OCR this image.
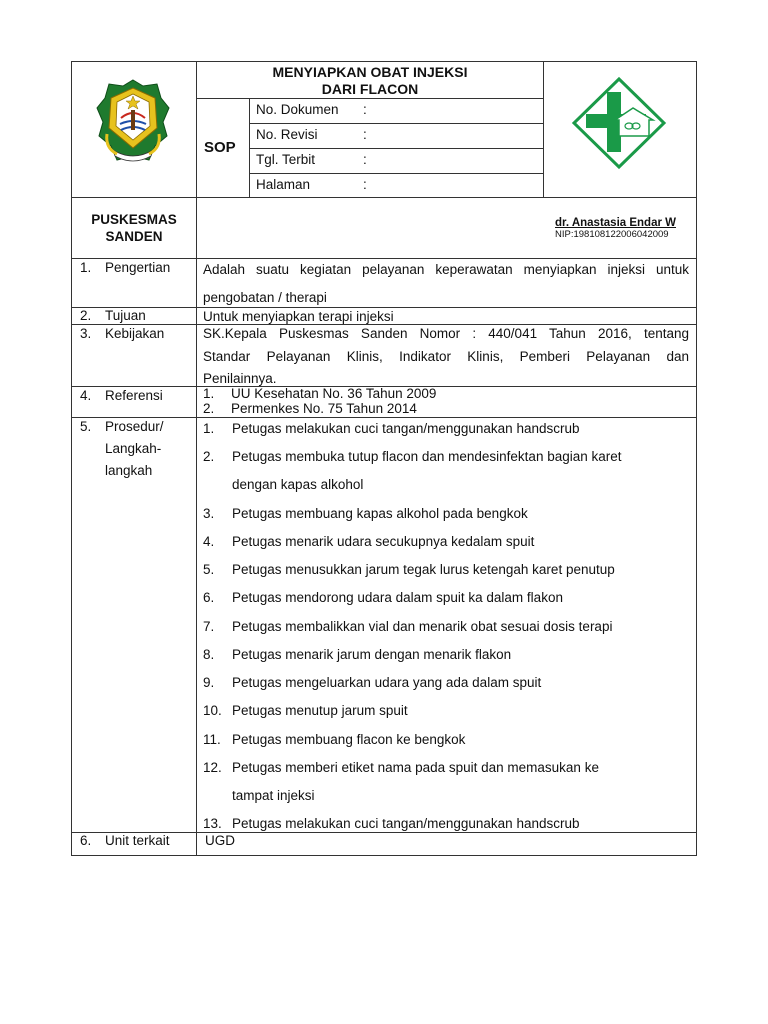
MENYIAPKAN OBAT INJEKSI
DARI FLACON
SOP
No. Dokumen :
No. Revisi	:
Tgl. Terbit	:
Halaman	:
PUSKESMAS
SANDEN
dr. Anastasia Endar W
NIP:198108122006042009
1. Pengertian Adalah suatu kegiatan pelayanan keperawatan menyiapkan injeksi untuk
pengobatan / therapi
2. Tujuan	Untuk menyiapkan terapi injeksi
3. Kebijakan	SK.Kepala Puskesmas Sanden Nomor : 440/041 Tahun 2016, tentang
Standar Pelayanan Klinis, Indikator Klinis, Pemberi Pelayanan dan
Penilainnya.
4. Referensi	1. UU Kesehatan No. 36 Tahun 2009
2. Permenkes No. 75 Tahun 2014
5. Prosedur/
Langkah-
langkah
1. Petugas melakukan cuci tangan/menggunakan handscrub
2. Petugas membuka tutup flacon dan mendesinfektan bagian karet
dengan kapas alkohol
3. Petugas membuang kapas alkohol pada bengkok
4. Petugas menarik udara secukupnya kedalam spuit
5. Petugas menusukkan jarum tegak lurus ketengah karet penutup
6. Petugas mendorong udara dalam spuit ka dalam flakon
7. Petugas membalikkan vial dan menarik obat sesuai dosis terapi
8. Petugas menarik jarum dengan menarik flakon
9. Petugas mengeluarkan udara yang ada dalam spuit
10. Petugas menutup jarum spuit
11. Petugas membuang flacon ke bengkok
12. Petugas memberi etiket nama pada spuit dan memasukan ke
tampat injeksi
13. Petugas melakukan cuci tangan/menggunakan handscrub
6. Unit terkait	UGD
